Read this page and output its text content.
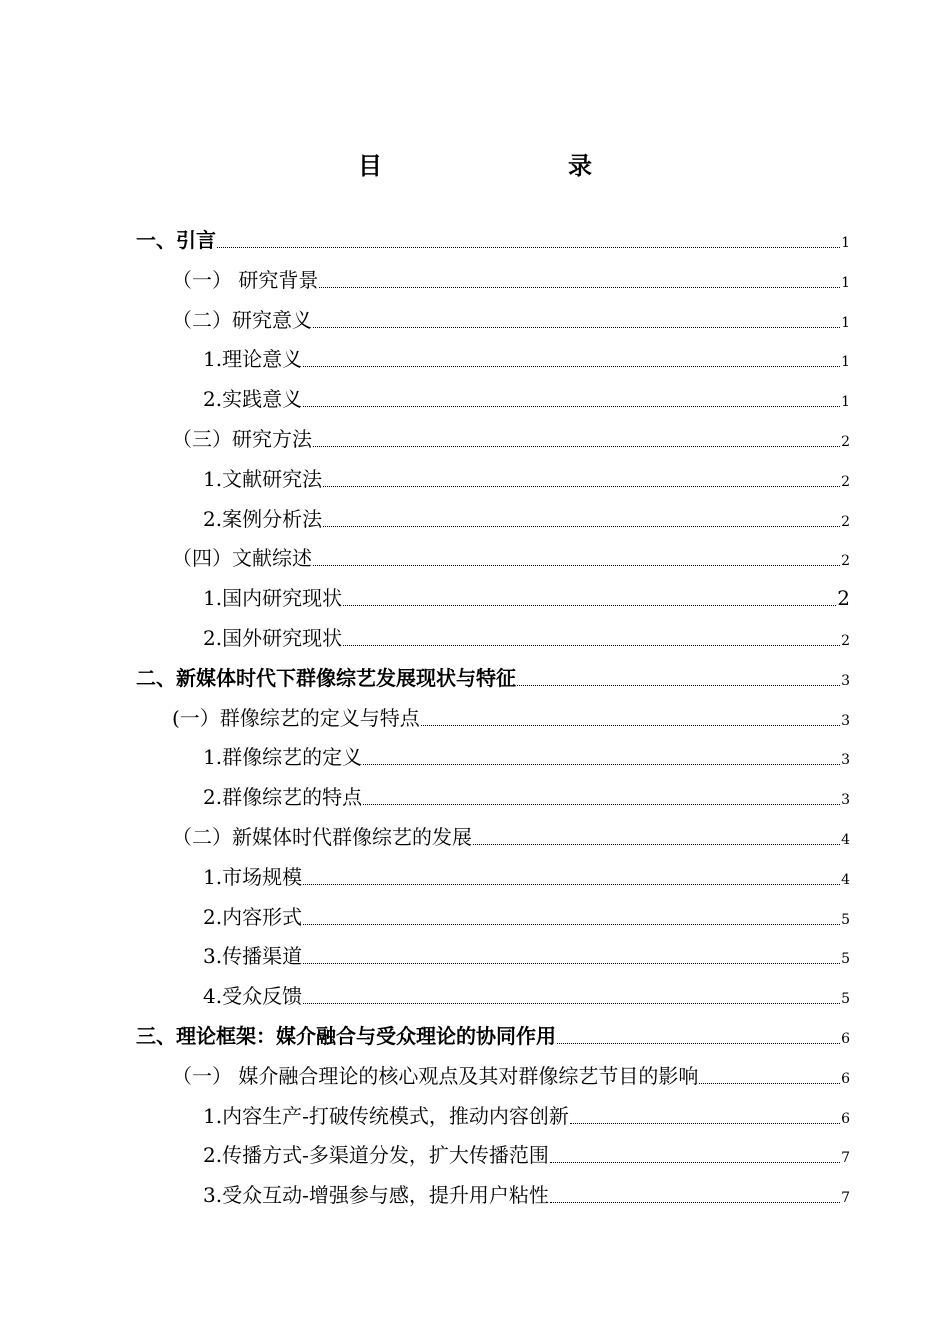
目　　录
一、引言	1
（一） 研究背景	1
（二）研究意义	1
1.理论意义	1
2.实践意义	1
（三）研究方法	2
1.文献研究法	2
2.案例分析法	2
（四）文献综述	2
1.国内研究现状	2
2.国外研究现状	2
二、新媒体时代下群像综艺发展现状与特征	3
(一）群像综艺的定义与特点	3
1.群像综艺的定义	3
2.群像综艺的特点	3
（二）新媒体时代群像综艺的发展	4
1.市场规模	4
2.内容形式	5
3.传播渠道	5
4.受众反馈	5
三、理论框架：媒介融合与受众理论的协同作用	6
（一） 媒介融合理论的核心观点及其对群像综艺节目的影响	6
1.内容生产-打破传统模式，推动内容创新	6
2.传播方式-多渠道分发，扩大传播范围	7
3.受众互动-增强参与感，提升用户粘性	7
